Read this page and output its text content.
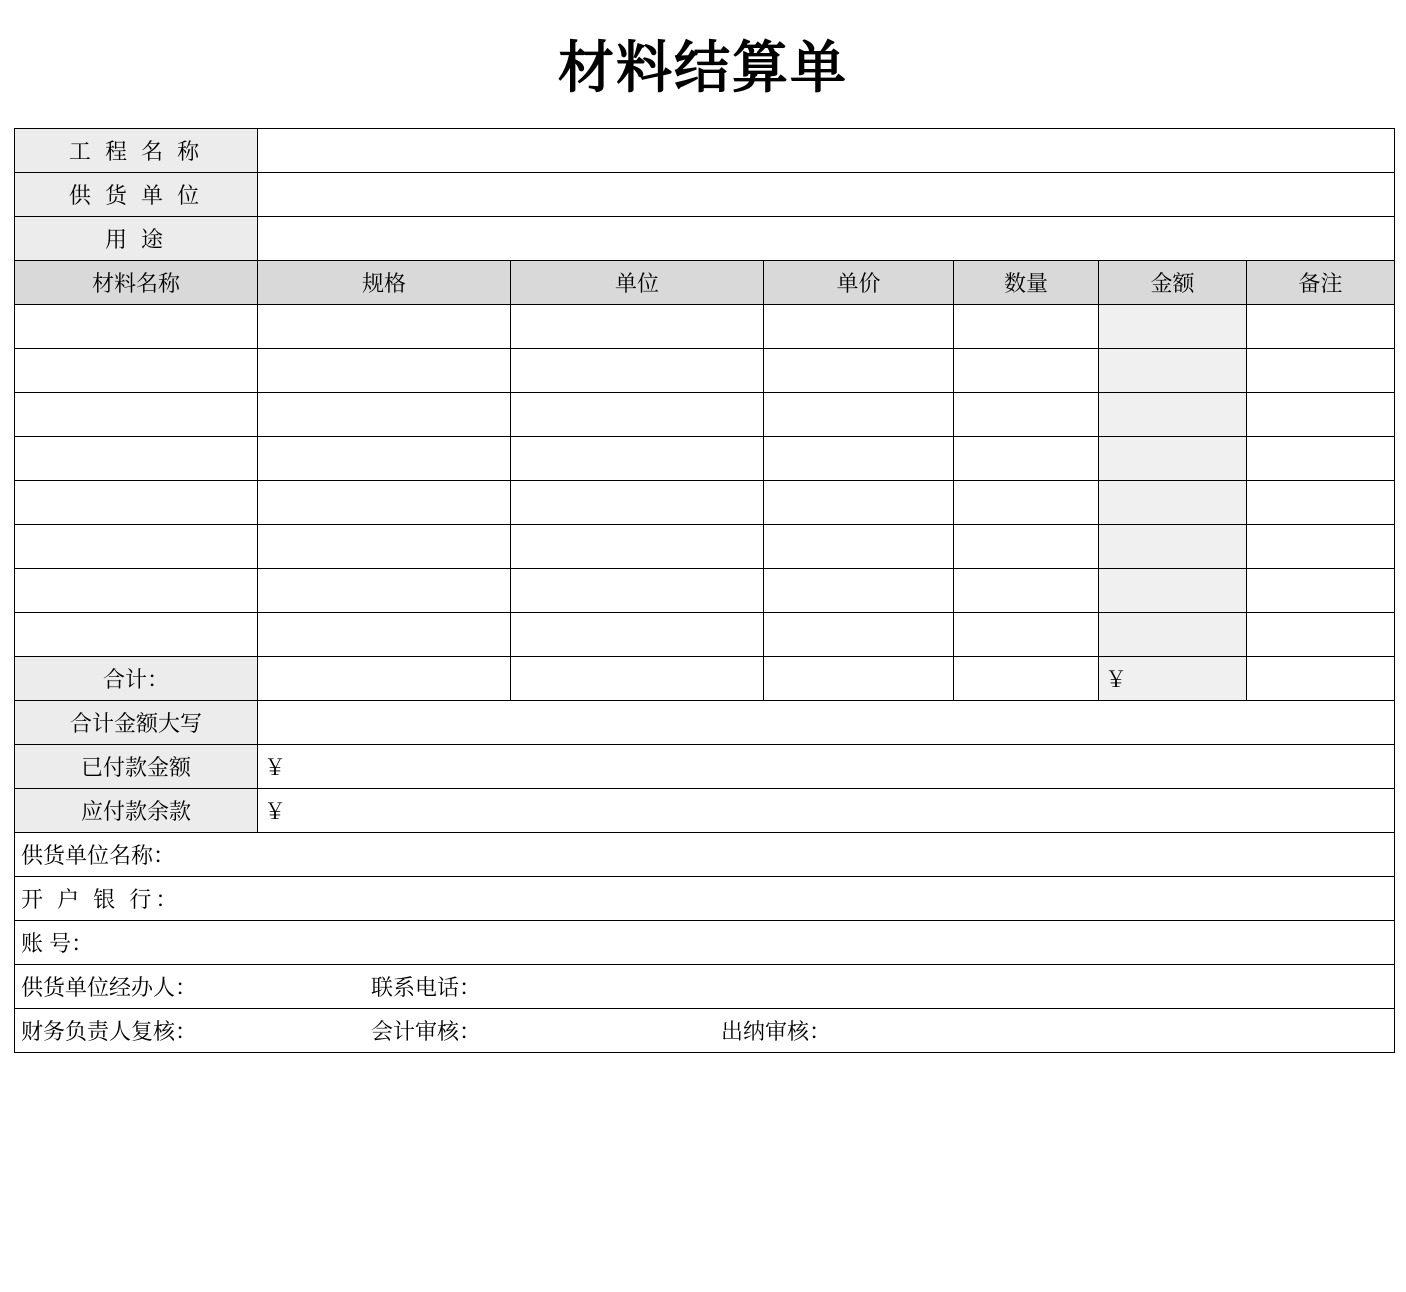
材料结算单
工 程 名 称						
供 货 单 位						
用 途						
材料名称	规格	单位	单价	数量	金额	备注

合计：					￥	
合计金额大写						
已付款金额	￥					
应付款余款	￥					
供货单位名称：						
开 户 银 行：						
账 号：						

供货单位经办人： 联系电话：						

财务负责人复核： 会计审核： 出纳审核：						
